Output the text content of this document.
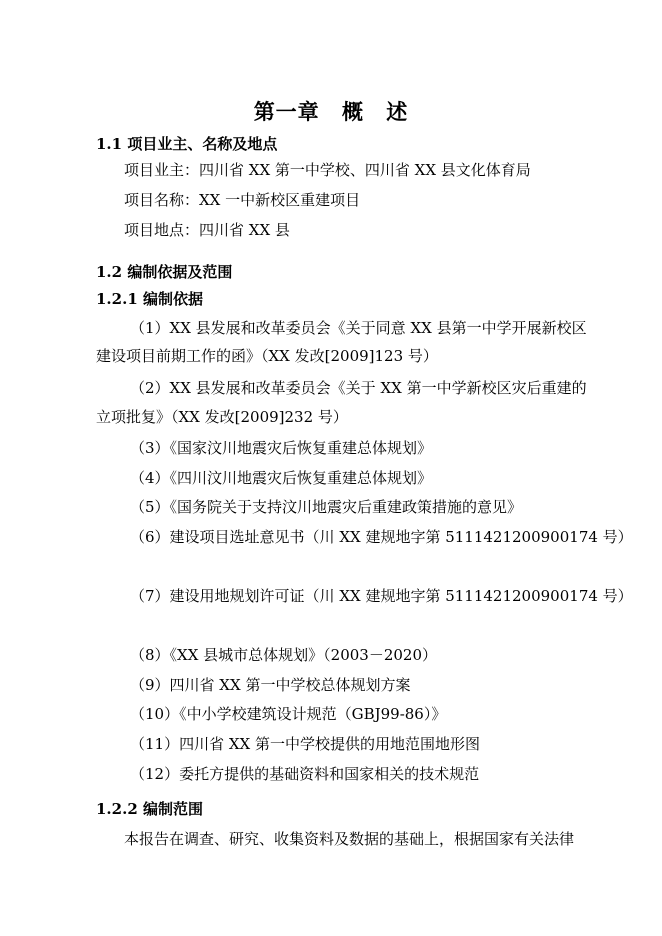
第一章 概 述
1.1 项目业主、名称及地点
项目业主：四川省 XX 第一中学校、四川省 XX 县文化体育局
项目名称：XX 一中新校区重建项目
项目地点：四川省 XX 县
1.2 编制依据及范围
1.2.1 编制依据
（1）XX 县发展和改革委员会《关于同意 XX 县第一中学开展新校区
建设项目前期工作的函》（XX 发改[2009]123 号）
（2）XX 县发展和改革委员会《关于 XX 第一中学新校区灾后重建的
立项批复》（XX 发改[2009]232 号）
（3）《国家汶川地震灾后恢复重建总体规划》
（4）《四川汶川地震灾后恢复重建总体规划》
（5）《国务院关于支持汶川地震灾后重建政策措施的意见》
（6）建设项目选址意见书（川 XX 建规地字第 5111421200900174 号）
（7）建设用地规划许可证（川 XX 建规地字第 5111421200900174 号）
（8）《XX 县城市总体规划》（2003－2020）
（9）四川省 XX 第一中学校总体规划方案
（10）《中小学校建筑设计规范（GBJ99-86）》
（11）四川省 XX 第一中学校提供的用地范围地形图
（12）委托方提供的基础资料和国家相关的技术规范
1.2.2 编制范围
本报告在调查、研究、收集资料及数据的基础上，根据国家有关法律
